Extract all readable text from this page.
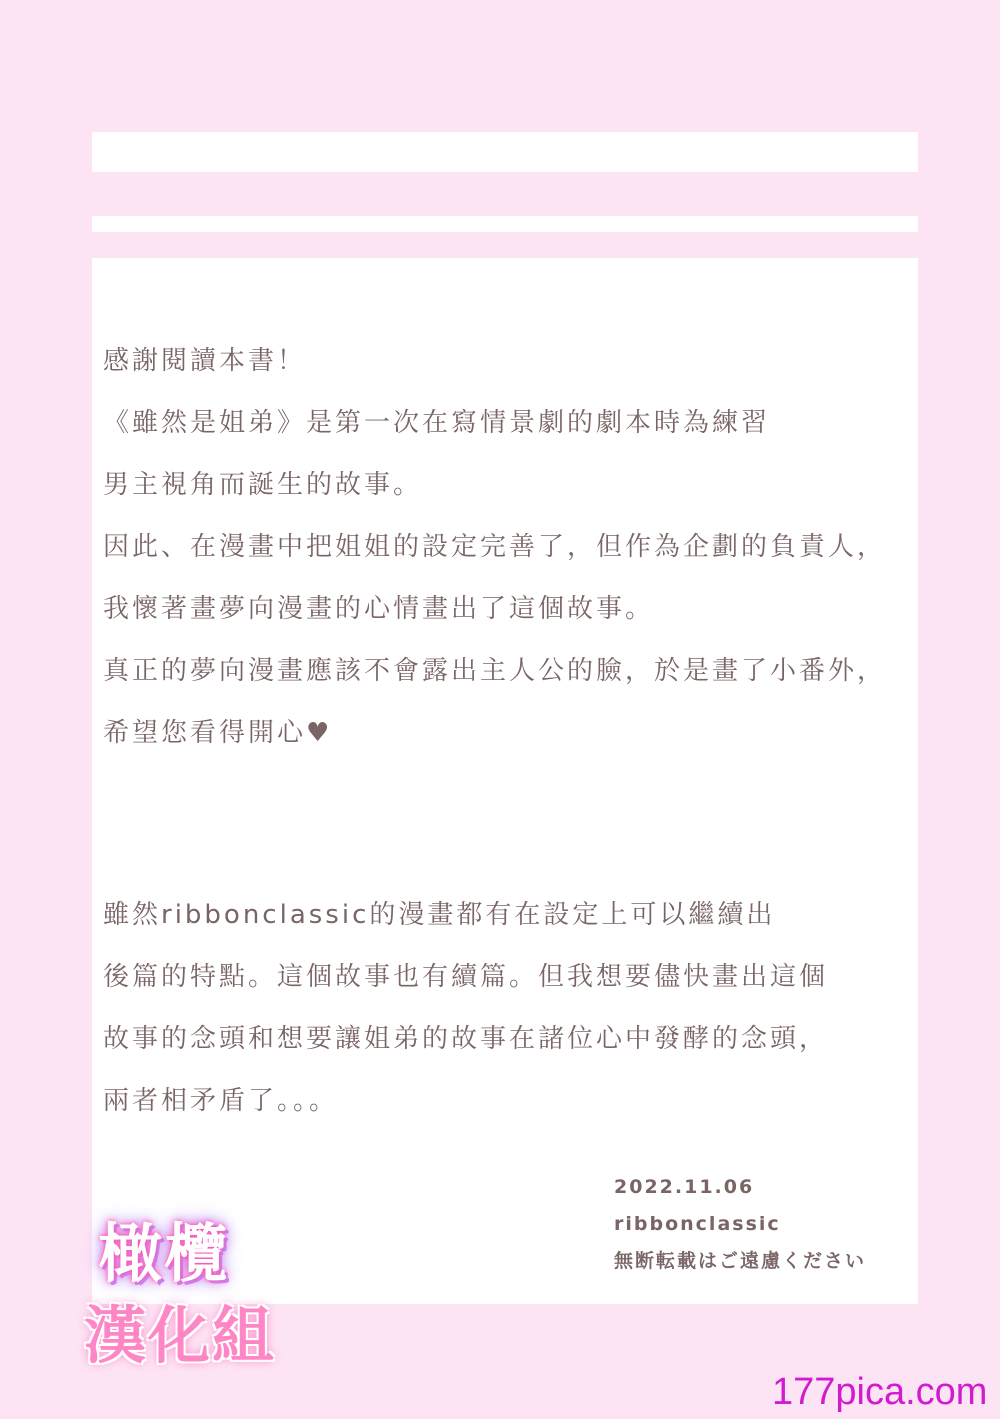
感謝閱讀本書！
《雖然是姐弟》是第一次在寫情景劇的劇本時為練習
男主視角而誕生的故事。
因此、在漫畫中把姐姐的設定完善了，但作為企劃的負責人，
我懷著畫夢向漫畫的心情畫出了這個故事。
真正的夢向漫畫應該不會露出主人公的臉，於是畫了小番外，
希望您看得開心♥
雖然ribbonclassic的漫畫都有在設定上可以繼續出
後篇的特點。這個故事也有續篇。但我想要儘快畫出這個
故事的念頭和想要讓姐弟的故事在諸位心中發酵的念頭，
兩者相矛盾了。。。
2022.11.06
ribbonclassic
無断転載はご遠慮ください
橄欖
漢化組
177pica.com
